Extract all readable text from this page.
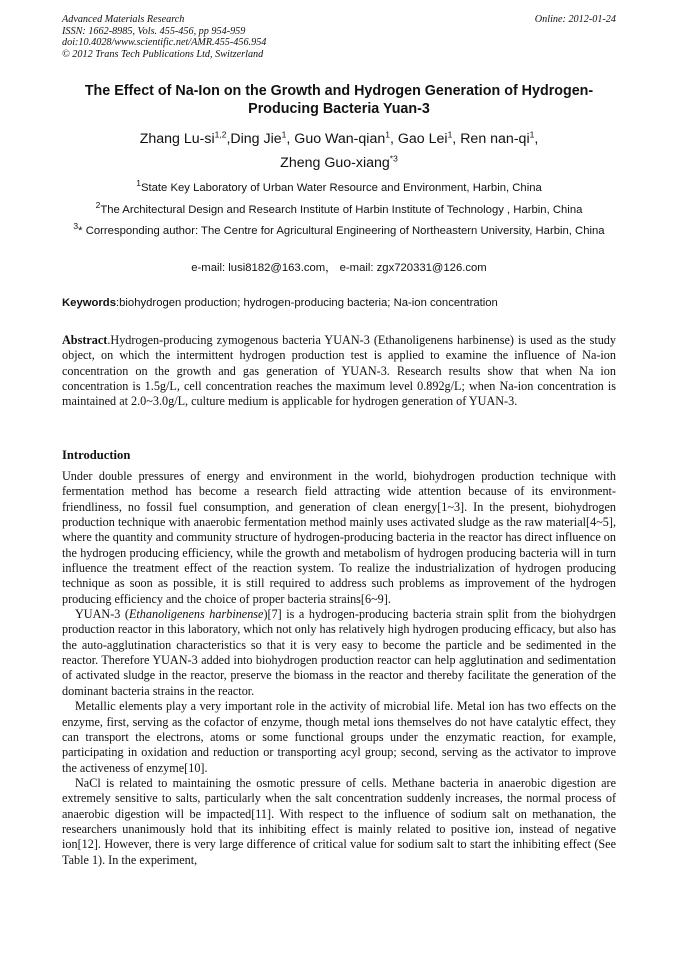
Advanced Materials Research
ISSN: 1662-8985, Vols. 455-456, pp 954-959
doi:10.4028/www.scientific.net/AMR.455-456.954
© 2012 Trans Tech Publications Ltd, Switzerland
Online: 2012-01-24
The Effect of Na-Ion on the Growth and Hydrogen Generation of Hydrogen-Producing Bacteria Yuan-3
Zhang Lu-si$^{1,2}$,Ding Jie$^1$, Guo Wan-qian$^1$, Gao Lei$^1$, Ren nan-$qi^1$,
Zheng Guo-xiang$^{*3}$
$^1$State Key Laboratory of Urban Water Resource and Environment, Harbin, China
$^2$The Architectural Design and Research Institute of Harbin Institute of Technology , Harbin, China
$^3$* Corresponding author: The Centre for Agricultural Engineering of Northeastern University, Harbin, China
e-mail: lusi8182@163.com， e-mail: zgx720331@126.com
Keywords:biohydrogen production; hydrogen-producing bacteria; Na-ion concentration
Abstract.Hydrogen-producing zymogenous bacteria YUAN-3 (Ethanoligenens harbinense) is used as the study object, on which the intermittent hydrogen production test is applied to examine the influence of Na-ion concentration on the growth and gas generation of YUAN-3. Research results show that when Na ion concentration is 1.5g/L, cell concentration reaches the maximum level 0.892g/L; when Na-ion concentration is maintained at 2.0~3.0g/L, culture medium is applicable for hydrogen generation of YUAN-3.
Introduction

Under double pressures of energy and environment in the world, biohydrogen production technique with fermentation method has become a research field attracting wide attention because of its environment-friendliness, no fossil fuel consumption, and generation of clean energy[1~3]. In the present, biohydrogen production technique with anaerobic fermentation method mainly uses activated sludge as the raw material[4~5], where the quantity and community structure of hydrogen-producing bacteria in the reactor has direct influence on the hydrogen producing efficiency, while the growth and metabolism of hydrogen producing bacteria will in turn influence the treatment effect of the reaction system. To realize the industrialization of hydrogen producing technique as soon as possible, it is still required to address such problems as improvement of the hydrogen producing efficiency and the choice of proper bacteria strains[6~9].

YUAN-3 (Ethanoligenens harbinense)[7] is a hydrogen-producing bacteria strain split from the biohydrgen production reactor in this laboratory, which not only has relatively high hydrogen producing efficacy, but also has the auto-agglutination characteristics so that it is very easy to become the particle and be sedimented in the reactor. Therefore YUAN-3 added into biohydrogen production reactor can help agglutination and sedimentation of activated sludge in the reactor, preserve the biomass in the reactor and thereby facilitate the generation of the dominant bacteria strains in the reactor.

Metallic elements play a very important role in the activity of microbial life. Metal ion has two effects on the enzyme, first, serving as the cofactor of enzyme, though metal ions themselves do not have catalytic effect, they can transport the electrons, atoms or some functional groups under the enzymatic reaction, for example, participating in oxidation and reduction or transporting acyl group; second, serving as the activator to improve the activeness of enzyme[10].

NaCl is related to maintaining the osmotic pressure of cells. Methane bacteria in anaerobic digestion are extremely sensitive to salts, particularly when the salt concentration suddenly increases, the normal process of anaerobic digestion will be impacted[11]. With respect to the influence of sodium salt on methanation, the researchers unanimously hold that its inhibiting effect is mainly related to positive ion, instead of negative ion[12]. However, there is very large difference of critical value for sodium salt to start the inhibiting effect (See Table 1). In the experiment,
